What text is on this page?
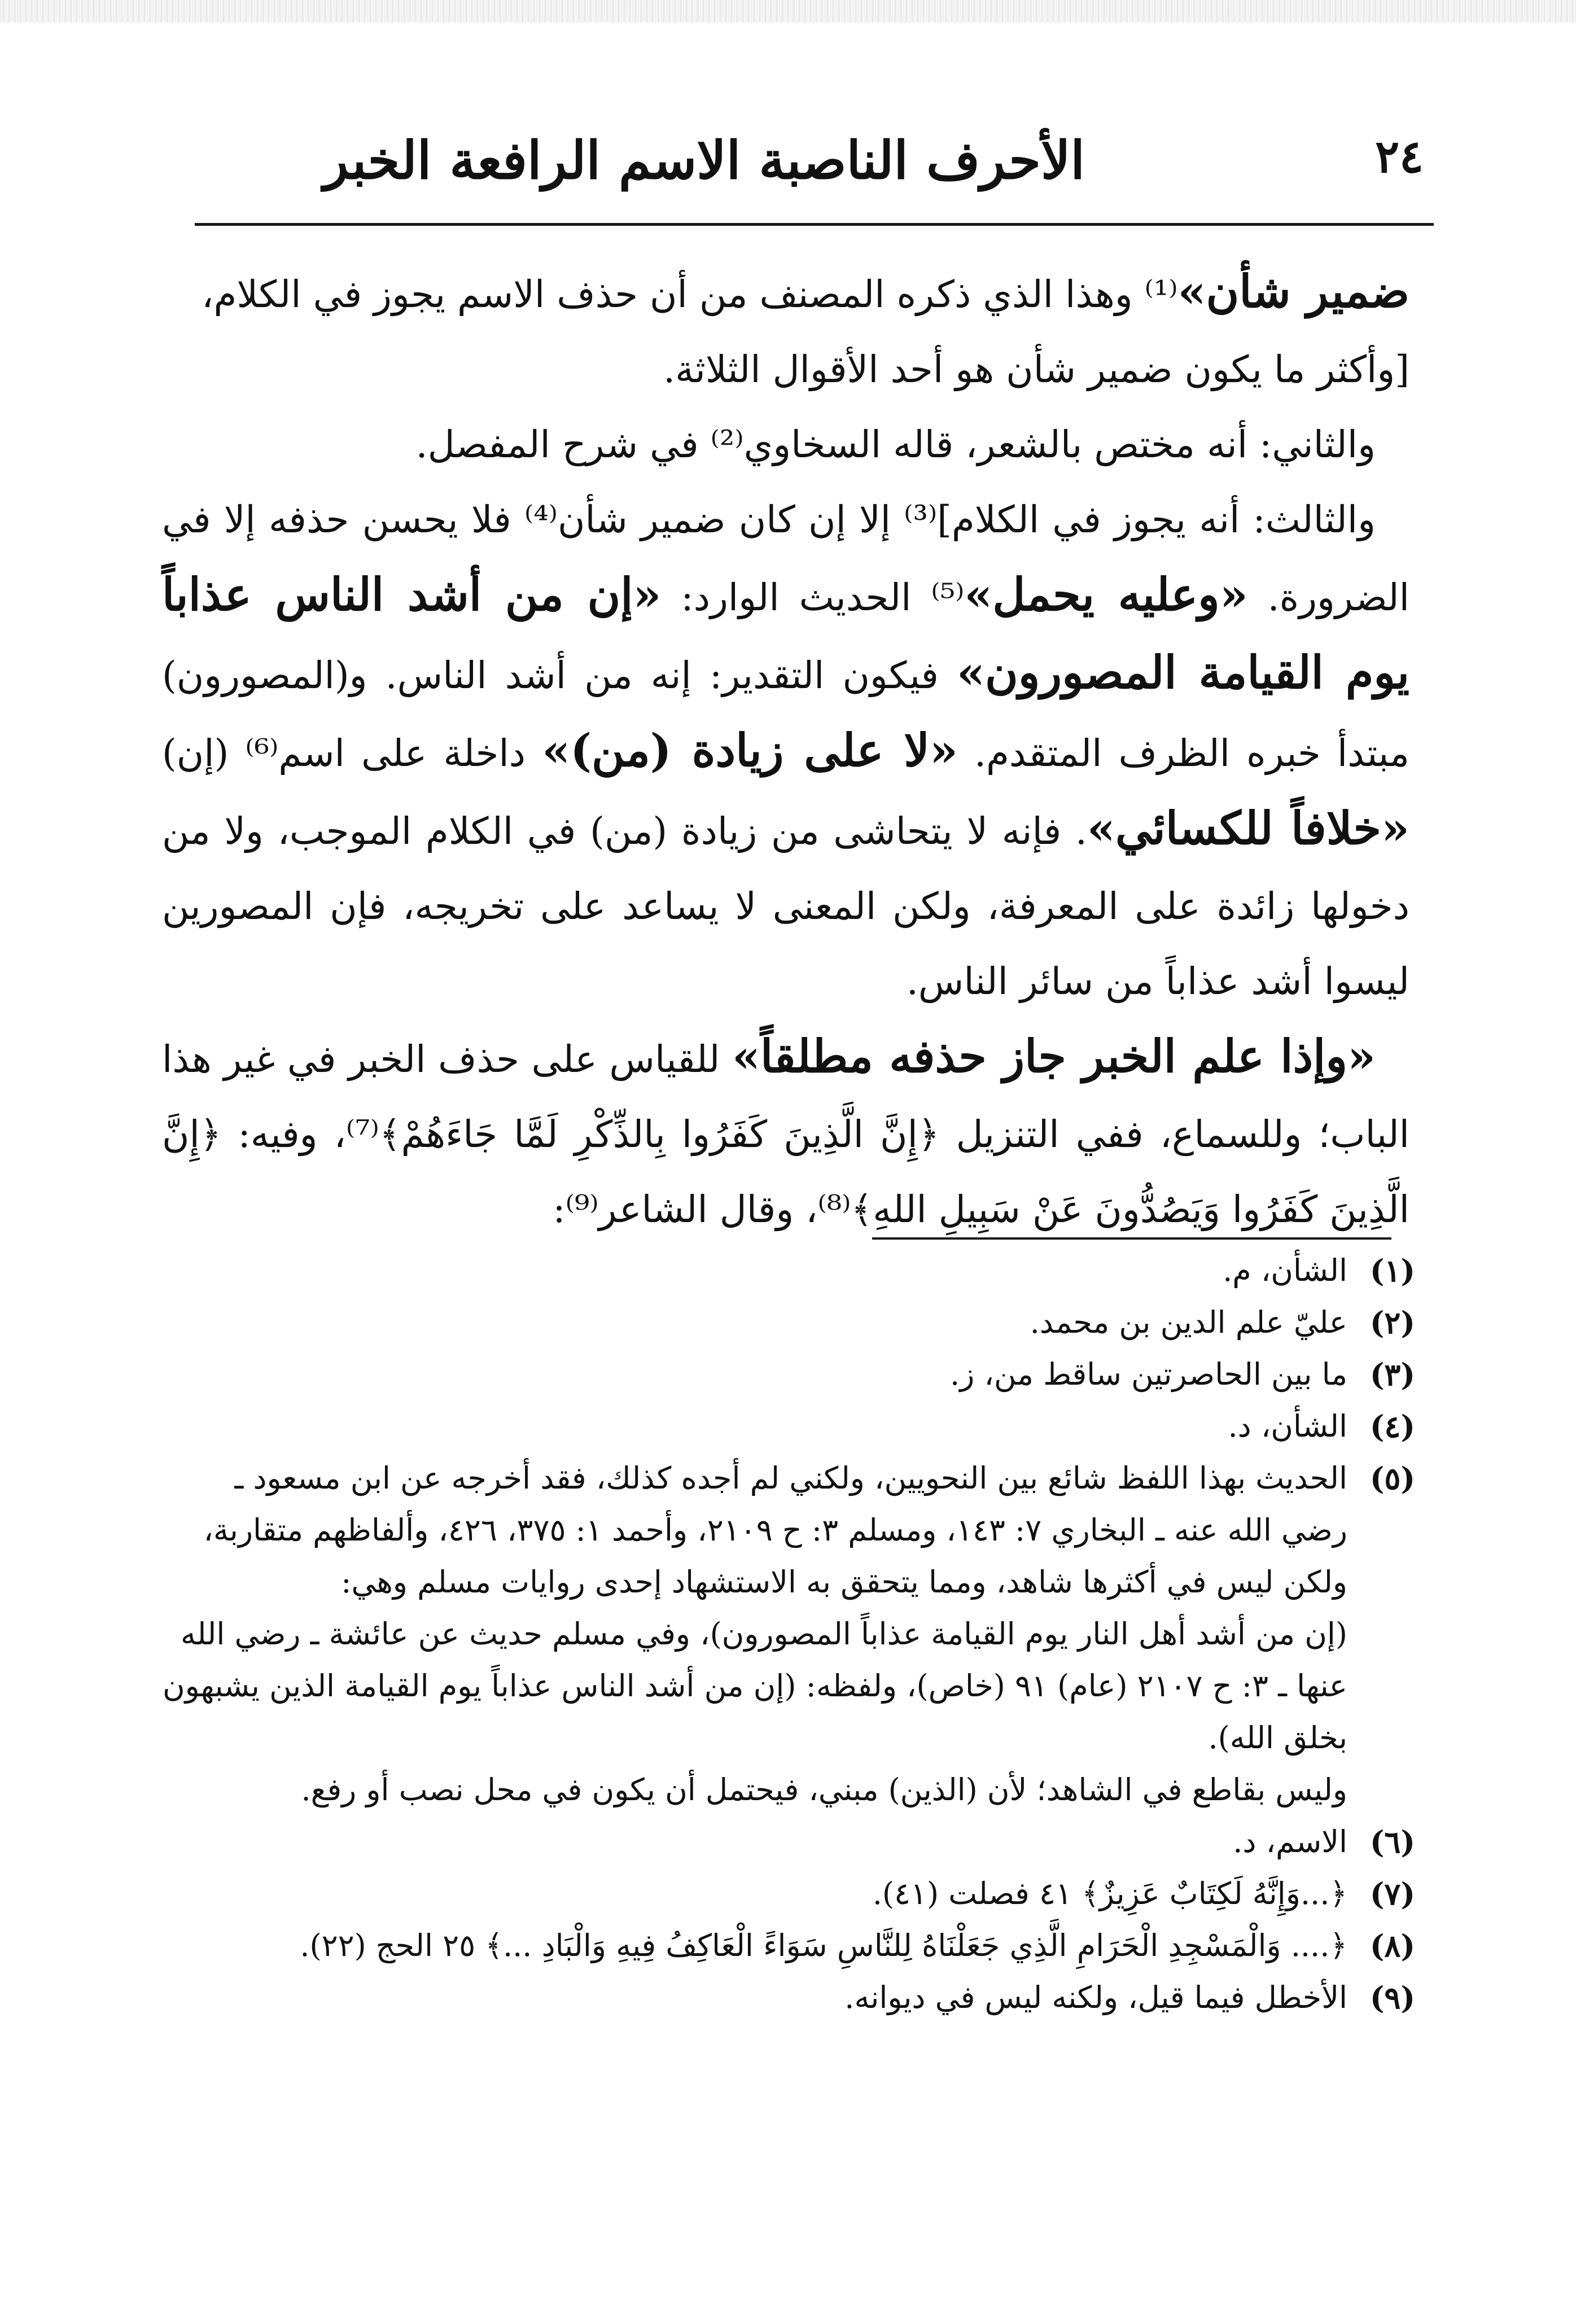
٢٤
الأحرف الناصبة الاسم الرافعة الخبر

ضمير شأن»⁽¹⁾ وهذا الذي ذكره المصنف من أن حذف الاسم يجوز في الكلام،

[وأكثر ما يكون ضمير شأن هو أحد الأقوال الثلاثة.

والثاني: أنه مختص بالشعر، قاله السخاوي⁽²⁾ في شرح المفصل.

والثالث: أنه يجوز في الكلام]⁽³⁾ إلا إن كان ضمير شأن⁽⁴⁾ فلا يحسن حذفه إلا في الضرورة. «وعليه يحمل»⁽⁵⁾ الحديث الوارد: «إن من أشد الناس عذاباً يوم القيامة المصورون» فيكون التقدير: إنه من أشد الناس. و(المصورون) مبتدأ خبره الظرف المتقدم. «لا على زيادة (من)» داخلة على اسم⁽⁶⁾ (إن) «خلافاً للكسائي». فإنه لا يتحاشى من زيادة (من) في الكلام الموجب، ولا من دخولها زائدة على المعرفة، ولكن المعنى لا يساعد على تخريجه، فإن المصورين ليسوا أشد عذاباً من سائر الناس.

«وإذا علم الخبر جاز حذفه مطلقاً» للقياس على حذف الخبر في غير هذا الباب؛ وللسماع، ففي التنزيل ﴿إِنَّ الَّذِينَ كَفَرُوا بِالذِّكْرِ لَمَّا جَاءَهُمْ﴾⁽⁷⁾، وفيه: ﴿إِنَّ الَّذِينَ كَفَرُوا وَيَصُدُّونَ عَنْ سَبِيلِ اللهِ﴾⁽⁸⁾، وقال الشاعر⁽⁹⁾:

(١)

الشأن، م.

(٢)

عليّ علم الدين بن محمد.

(٣)

ما بين الحاصرتين ساقط من، ز.

(٤)

الشأن، د.

(٥)

الحديث بهذا اللفظ شائع بين النحويين، ولكني لم أجده كذلك، فقد أخرجه عن ابن مسعود ـ رضي الله عنه ـ البخاري ٧: ١٤٣، ومسلم ٣: ح ٢١٠٩، وأحمد ١: ٣٧٥، ٤٢٦، وألفاظهم متقاربة، ولكن ليس في أكثرها شاهد، ومما يتحقق به الاستشهاد إحدى روايات مسلم وهي:

(إن من أشد أهل النار يوم القيامة عذاباً المصورون)، وفي مسلم حديث عن عائشة ـ رضي الله عنها ـ ٣: ح ٢١٠٧ (عام) ٩١ (خاص)، ولفظه: (إن من أشد الناس عذاباً يوم القيامة الذين يشبهون بخلق الله).

وليس بقاطع في الشاهد؛ لأن (الذين) مبني، فيحتمل أن يكون في محل نصب أو رفع.

(٦)

الاسم، د.

(٧)

﴿...وَإِنَّهُ لَكِتَابٌ عَزِيزٌ﴾ ٤١ فصلت (٤١).

(٨)

﴿.... وَالْمَسْجِدِ الْحَرَامِ الَّذِي جَعَلْنَاهُ لِلنَّاسِ سَوَاءً الْعَاكِفُ فِيهِ وَالْبَادِ ...﴾ ٢٥ الحج (٢٢).

(٩)

الأخطل فيما قيل، ولكنه ليس في ديوانه.
